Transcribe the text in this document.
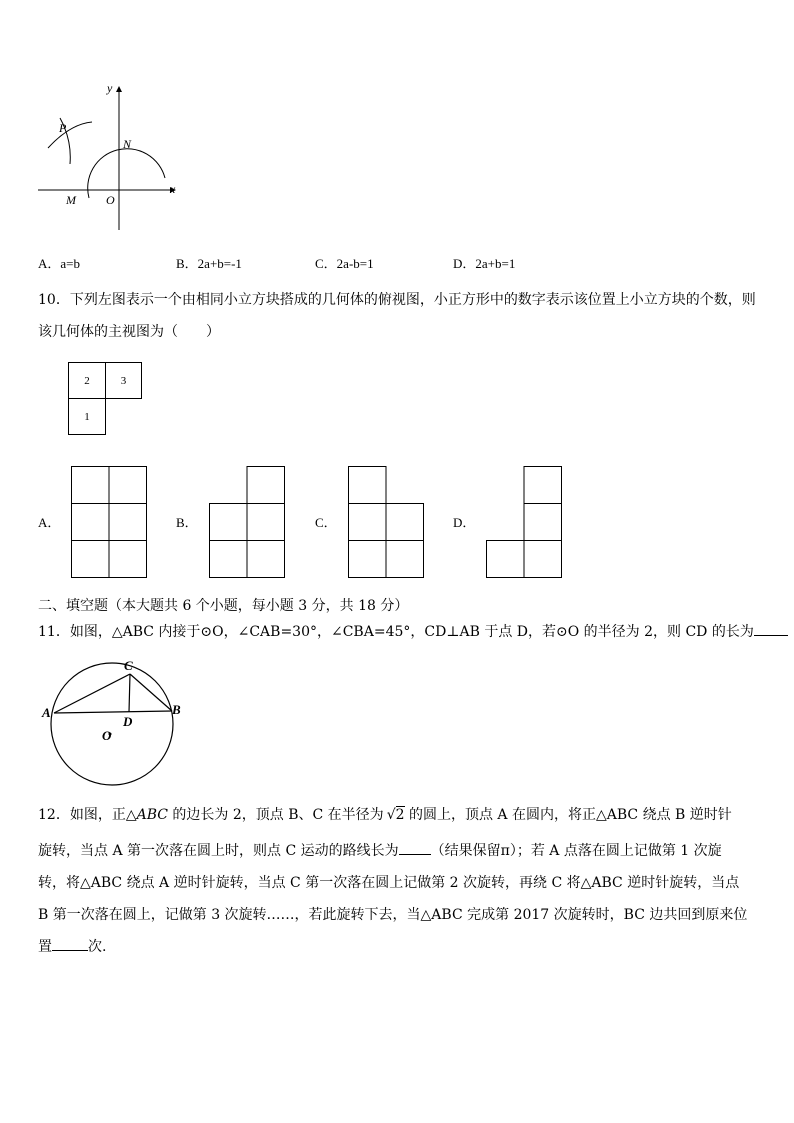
y
x
P
N
M	O
A．a=b	B．2a+b=-1	C．2a-b=1	D．2a+b=1
10．下列左图表示一个由相同小立方块搭成的几何体的俯视图，小正方形中的数字表示该位置上小立方块的个数，则
该几何体的主视图为（　　）
2	3
1
A．	B．	C．	D．
二、填空题（本大题共 6 个小题，每小题 3 分，共 18 分）
11．如图，△ABC 内接于⊙O，∠CAB=30°，∠CBA=45°，CD⊥AB 于点 D，若⊙O 的半径为 2，则 CD 的长为
C
A	B
D
O
12．如图，正△ABC 的边长为 2，顶点 B、C 在半径为 √2 的圆上，顶点 A 在圆内，将正△ABC 绕点 B 逆时针
旋转，当点 A 第一次落在圆上时，则点 C 运动的路线长为 （结果保留π）；若 A 点落在圆上记做第 1 次旋
转，将△ABC 绕点 A 逆时针旋转，当点 C 第一次落在圆上记做第 2 次旋转，再绕 C 将△ABC 逆时针旋转，当点
B 第一次落在圆上，记做第 3 次旋转……，若此旋转下去，当△ABC 完成第 2017 次旋转时，BC 边共回到原来位
置	次.
